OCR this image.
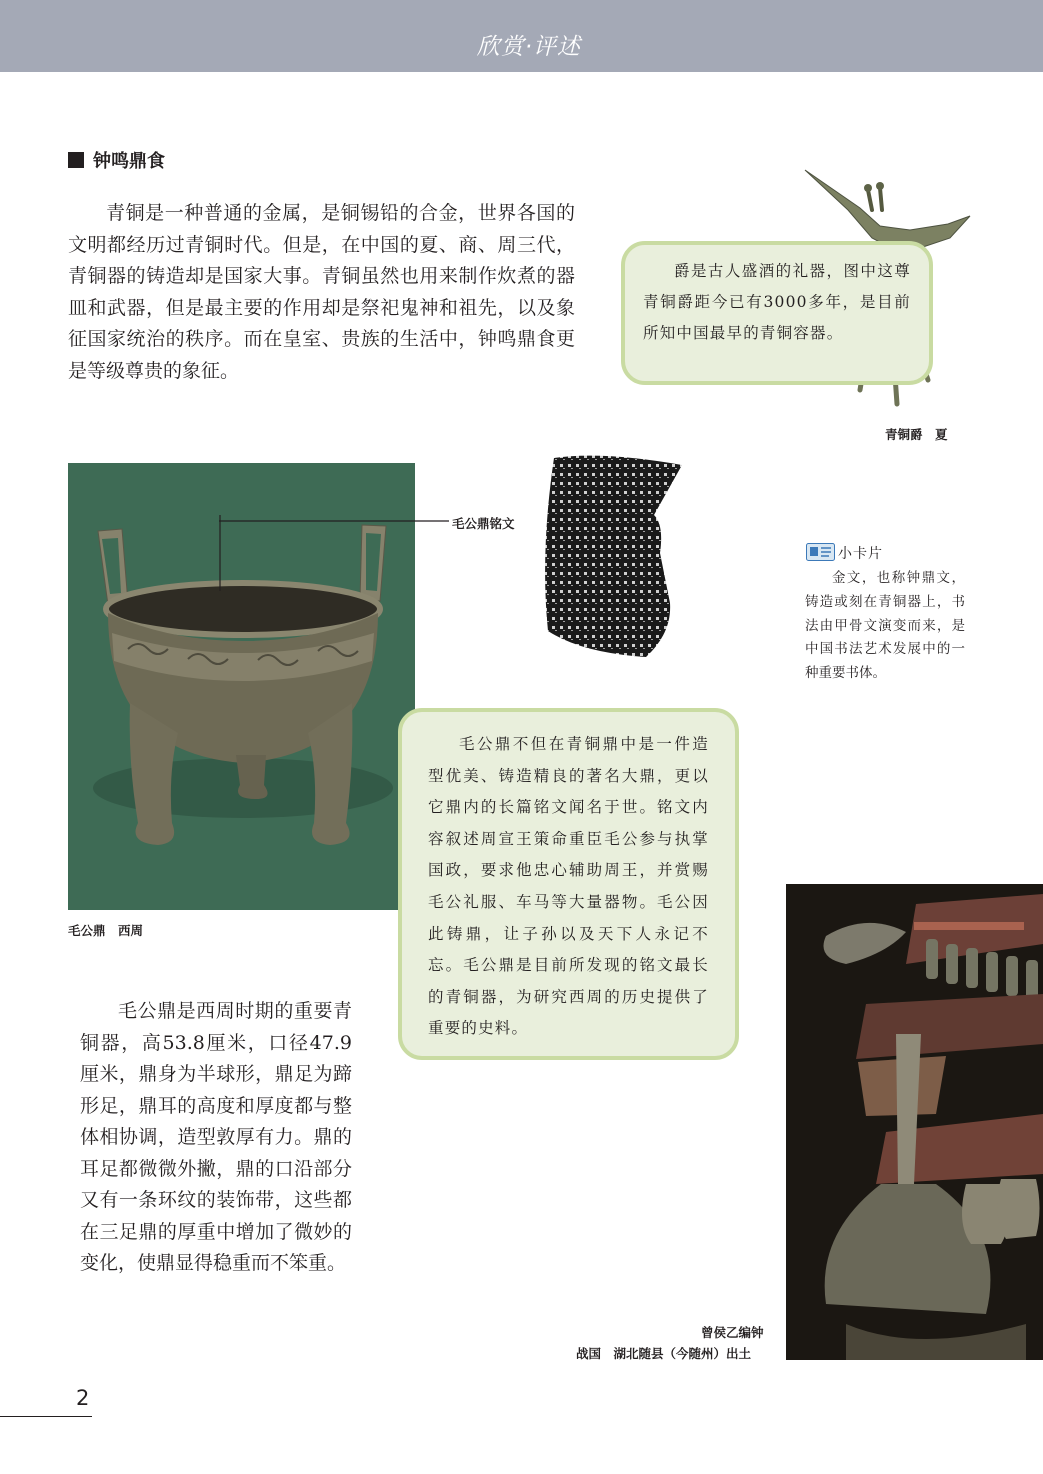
欣赏·评述
钟鸣鼎食

青铜是一种普通的金属，是铜锡铅的合金，世界各国的文明都经历过青铜时代。但是，在中国的夏、商、周三代，青铜器的铸造却是国家大事。青铜虽然也用来制作炊煮的器皿和武器，但是最主要的作用却是祭祀鬼神和祖先，以及象征国家统治的秩序。而在皇室、贵族的生活中，钟鸣鼎食更是等级尊贵的象征。

爵是古人盛酒的礼器，图中这尊青铜爵距今已有3000多年，是目前所知中国最早的青铜容器。

青铜爵　夏
毛公鼎铭文
小卡片

金文，也称钟鼎文，铸造或刻在青铜器上，书法由甲骨文演变而来，是中国书法艺术发展中的一种重要书体。

毛公鼎　西周

毛公鼎不但在青铜鼎中是一件造型优美、铸造精良的著名大鼎，更以它鼎内的长篇铭文闻名于世。铭文内容叙述周宣王策命重臣毛公参与执掌国政，要求他忠心辅助周王，并赏赐毛公礼服、车马等大量器物。毛公因此铸鼎，让子孙以及天下人永记不忘。毛公鼎是目前所发现的铭文最长的青铜器，为研究西周的历史提供了重要的史料。

毛公鼎是西周时期的重要青铜器，高53.8厘米，口径47.9厘米，鼎身为半球形，鼎足为蹄形足，鼎耳的高度和厚度都与整体相协调，造型敦厚有力。鼎的耳足都微微外撇，鼎的口沿部分又有一条环纹的装饰带，这些都在三足鼎的厚重中增加了微妙的变化，使鼎显得稳重而不笨重。

曾侯乙编钟
战国　湖北随县（今随州）出土
2
